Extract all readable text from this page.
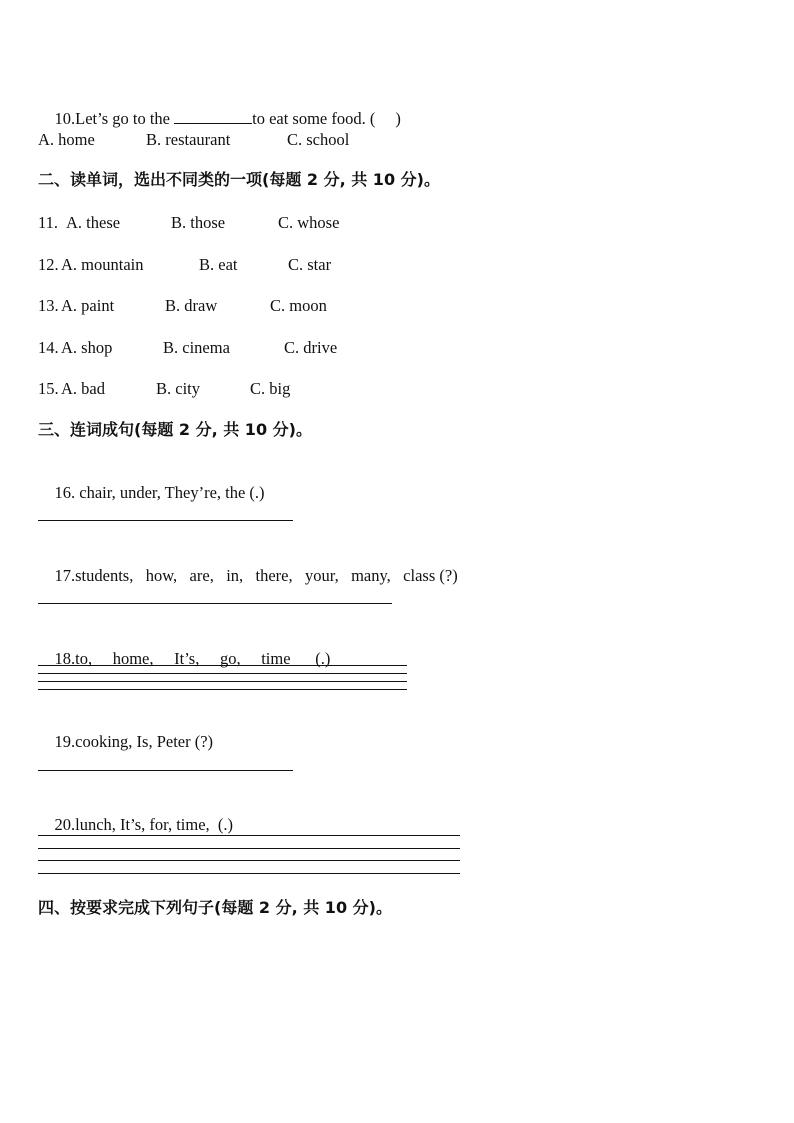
10.Let’s go to the	to eat some food. ( )

A. home

	B. restaurant

	C. school

二、读单词，选出不同类的一项(每题 2 分, 共 10 分)。

11.

A. these

	B. those

	C. whose

12.

A. mountain

	B. eat

	C. star

13.

A. paint

	B. draw

	C. moon

14.

A. shop

	B. cinema

	C. drive

15.

A. bad

	B. city

	C. big

三、连词成句(每题 2 分, 共 10 分)。

16. chair, under, They’re, the (.)

17.students,   how,   are,   in,   there,   your,   many,   class (?)

18.to,     home,     It’s,     go,     time      (.)

19.cooking, Is, Peter (?)

20.lunch, It’s, for, time,  (.)

四、按要求完成下列句子(每题 2 分, 共 10 分)。
